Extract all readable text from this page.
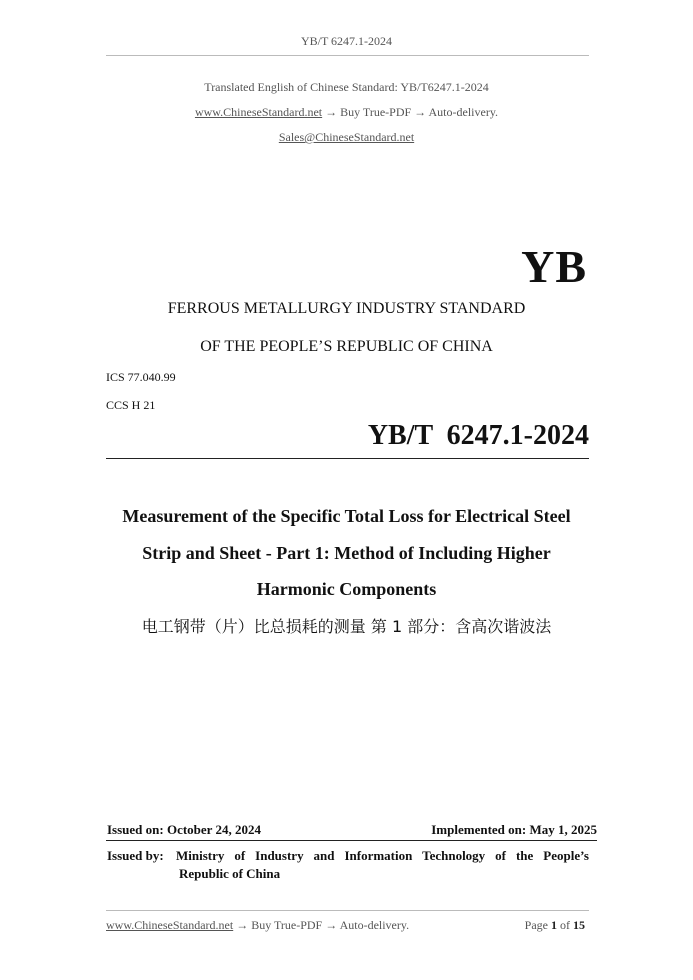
YB/T 6247.1-2024
Translated English of Chinese Standard: YB/T6247.1-2024
www.ChineseStandard.net → Buy True-PDF → Auto-delivery.
Sales@ChineseStandard.net
YB
FERROUS METALLURGY INDUSTRY STANDARD
OF THE PEOPLE’S REPUBLIC OF CHINA
ICS 77.040.99
CCS H 21
YB/T  6247.1-2024
Measurement of the Specific Total Loss for Electrical Steel
Strip and Sheet - Part 1: Method of Including Higher
Harmonic Components
电工钢带（片）比总损耗的测量 第 1 部分：含高次谐波法
Issued on: October 24, 2024	Implemented on: May 1, 2025
Issued by: Ministry of Industry and Information Technology of the People’s
Republic of China
www.ChineseStandard.net → Buy True-PDF → Auto-delivery.	Page 1 of 15
